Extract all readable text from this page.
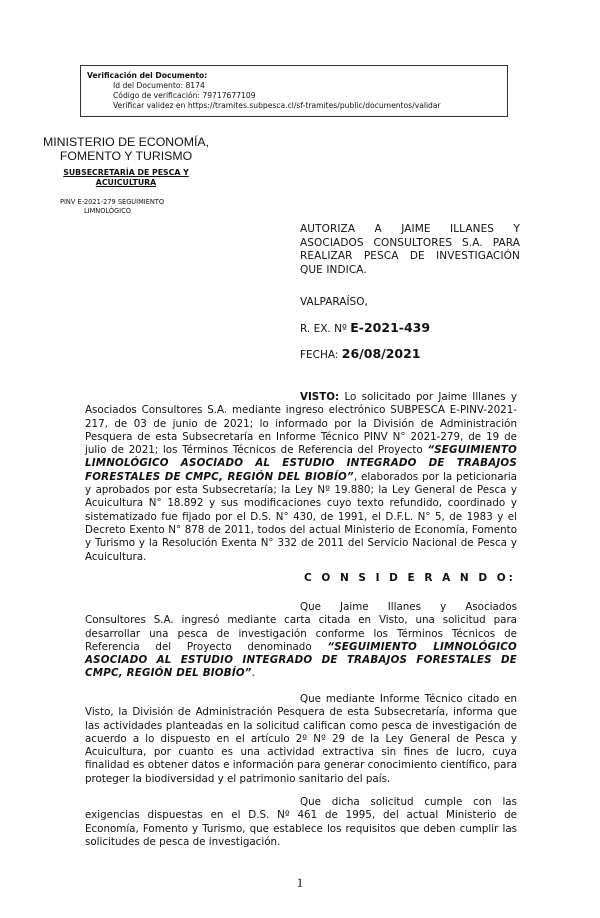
Verificación del Documento:
• Id del Documento: 8174
• Código de verificación: 79717677109
• Verificar validez en https://tramites.subpesca.cl/sf-tramites/public/documentos/validar
MINISTERIO DE ECONOMÍA,
FOMENTO Y TURISMO
SUBSECRETARÍA DE PESCA Y
ACUICULTURA
PINV E-2021-279 SEGUIMIENTO
LIMNOLÓGICO
AUTORIZA A JAIME ILLANES Y
ASOCIADOS CONSULTORES S.A. PARA
REALIZAR PESCA DE INVESTIGACIÓN
QUE INDICA.
VALPARAÍSO,
R. EX. Nº E-2021-439
FECHA: 26/08/2021
VISTO: Lo solicitado por Jaime Illanes y Asociados Consultores S.A. mediante ingreso electrónico SUBPESCA E-PINV-2021-217, de 03 de junio de 2021; lo informado por la División de Administración Pesquera de esta Subsecretaría en Informe Técnico PINV N° 2021-279, de 19 de julio de 2021; los Términos Técnicos de Referencia del Proyecto “SEGUIMIENTO LIMNOLÓGICO ASOCIADO AL ESTUDIO INTEGRADO DE TRABAJOS FORESTALES DE CMPC, REGIÓN DEL BIOBÍO”, elaborados por la peticionaria y aprobados por esta Subsecretaría; la Ley Nº 19.880; la Ley General de Pesca y Acuicultura N° 18.892 y sus modificaciones cuyo texto refundido, coordinado y sistematizado fue fijado por el D.S. N° 430, de 1991, el D.F.L. N° 5, de 1983 y el Decreto Exento N° 878 de 2011, todos del actual Ministerio de Economía, Fomento y Turismo y la Resolución Exenta N° 332 de 2011 del Servicio Nacional de Pesca y Acuicultura.
C O N S I D E R A N D O:
Que Jaime Illanes y Asociados Consultores S.A. ingresó mediante carta citada en Visto, una solicitud para desarrollar una pesca de investigación conforme los Términos Técnicos de Referencia del Proyecto denominado “SEGUIMIENTO LIMNOLÓGICO ASOCIADO AL ESTUDIO INTEGRADO DE TRABAJOS FORESTALES DE CMPC, REGIÓN DEL BIOBÍO”.
Que mediante Informe Técnico citado en Visto, la División de Administración Pesquera de esta Subsecretaría, informa que las actividades planteadas en la solicitud califican como pesca de investigación de acuerdo a lo dispuesto en el artículo 2º Nº 29 de la Ley General de Pesca y Acuicultura, por cuanto es una actividad extractiva sin fines de lucro, cuya finalidad es obtener datos e información para generar conocimiento científico, para proteger la biodiversidad y el patrimonio sanitario del país.
Que dicha solicitud cumple con las exigencias dispuestas en el D.S. Nº 461 de 1995, del actual Ministerio de Economía, Fomento y Turismo, que establece los requisitos que deben cumplir las solicitudes de pesca de investigación.
1
